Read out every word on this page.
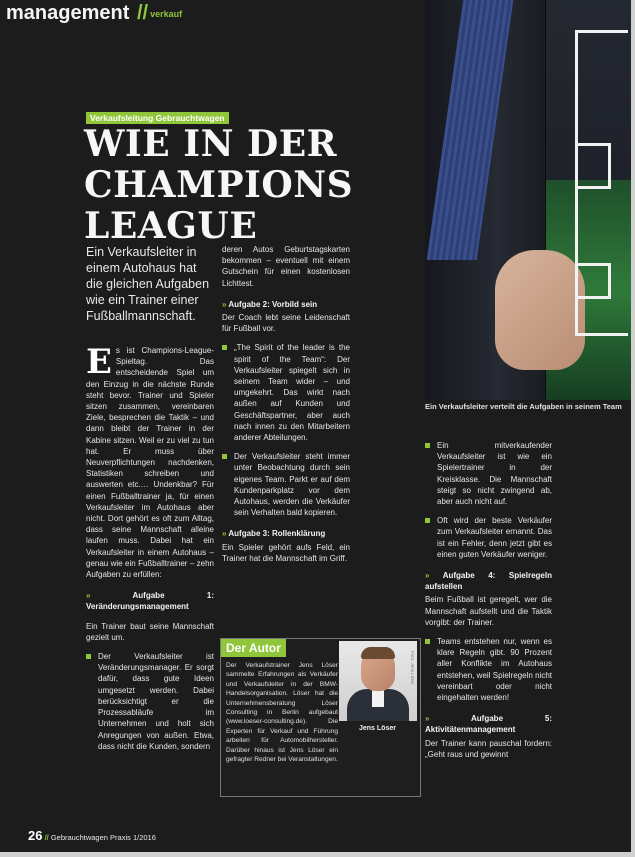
Ein Verkaufsleiter verteilt die Aufgaben in seinem Team
management // verkauf
Verkaufsleitung Gebrauchtwagen
WIE IN DER
CHAMPIONS LEAGUE
Ein Verkaufsleiter in einem Autohaus hat die gleichen Aufgaben wie ein Trainer einer Fußballmannschaft.

Es ist Champions-League-Spieltag. Das entscheidende Spiel um den Einzug in die nächste Runde steht bevor. Trainer und Spieler sitzen zusammen, vereinbaren Ziele, besprechen die Taktik – und dann bleibt der Trainer in der Kabine sitzen. Weil er zu viel zu tun hat. Er muss über Neuverpflichtungen nachdenken, Statistiken schreiben und auswerten etc.… Undenkbar? Für einen Fußballtrainer ja, für einen Verkaufsleiter im Autohaus aber nicht. Dort gehört es oft zum Alltag, dass seine Mannschaft alleine laufen muss. Dabei hat ein Verkaufsleiter in einem Autohaus – genau wie ein Fußballtrainer – zehn Aufgaben zu erfüllen:

»	Aufgabe 1: Veränderungsmanagement

Ein Trainer baut seine Mannschaft gezielt um.

Der Verkaufsleiter ist Veränderungsmanager. Er sorgt dafür, dass gute Ideen umgesetzt werden. Dabei berücksichtigt er die Prozessabläufe im Unternehmen und holt sich Anregungen von außen. Etwa, dass nicht die Kunden, sondern

deren Autos Geburtstagskarten bekommen – eventuell mit einem Gutschein für einen kostenlosen Lichttest.

» Aufgabe 2: Vorbild sein

Der Coach lebt seine Leidenschaft für Fußball vor.

„The Spirit of the leader is the spirit of the Team“: Der Verkaufsleiter spiegelt sich in seinem Team wider – und umgekehrt. Das wirkt nach außen auf Kunden und Geschäftspartner, aber auch nach innen zu den Mitarbeitern anderer Abteilungen.
Der Verkaufsleiter steht immer unter Beobachtung durch sein eigenes Team. Parkt er auf dem Kundenparkplatz vor dem Autohaus, werden die Verkäufer sein Verhalten bald kopieren.

» Aufgabe 3: Rollenklärung

Ein Spieler gehört aufs Feld, ein Trainer hat die Mannschaft im Griff.

Der Autor
Der Verkaufstrainer Jens Löser sammelte Erfahrungen als Verkäufer und Verkaufsleiter in der BMW-Handelsorganisation. Löser hat die Unternehmensberatung Löser Consulting in Berlin aufgebaut (www.loeser-consulting.de). Die Experten für Verkauf und Führung arbeiten für Automobilhersteller. Darüber hinaus ist Jens Löser ein gefragter Redner bei Veranstaltungen.
Foto: Jens Löser
Jens Löser
Ein mitverkaufender Verkaufsleiter ist wie ein Spielertrainer in der Kreisklasse. Die Mannschaft steigt so nicht zwingend ab, aber auch nicht auf.
Oft wird der beste Verkäufer zum Verkaufsleiter ernannt. Das ist ein Fehler, denn jetzt gibt es einen guten Verkäufer weniger.

» Aufgabe 4: Spielregeln aufstellen

Beim Fußball ist geregelt, wer die Mannschaft aufstellt und die Taktik vorgibt: der Trainer.

Teams entstehen nur, wenn es klare Regeln gibt. 90 Prozent aller Konflikte im Autohaus entstehen, weil Spielregeln nicht vereinbart oder nicht eingehalten werden!

»	Aufgabe 5: Aktivitätenmanagement

Der Trainer kann pauschal fordern: „Geht raus und gewinnt

26 // Gebrauchtwagen Praxis 1/2016
